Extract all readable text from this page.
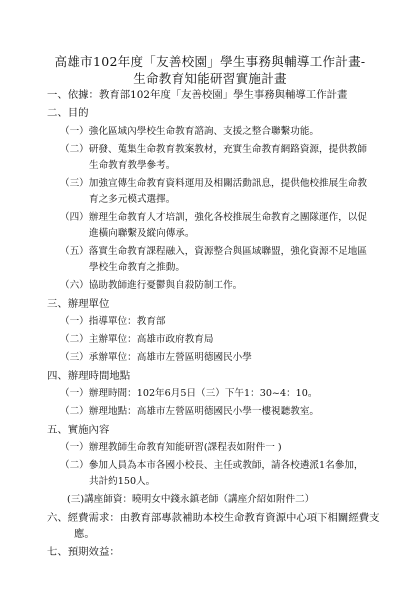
高雄市102年度「友善校園」學生事務與輔導工作計畫-
生命教育知能研習實施計畫
一、依據：教育部102年度「友善校園」學生事務與輔導工作計畫
二、目的
（一）強化區域內學校生命教育諮詢、支援之整合聯繫功能。
（二）研發、蒐集生命教育教案教材，充實生命教育網路資源，提供教師
生命教育教學參考。
（三）加強宣傳生命教育資料運用及相關活動訊息，提供他校推展生命教
育之多元模式選擇。
（四）辦理生命教育人才培訓，強化各校推展生命教育之團隊運作，以促
進橫向聯繫及縱向傳承。
（五）落實生命教育課程融入，資源整合與區域聯盟，強化資源不足地區
學校生命教育之推動。
（六）協助教師進行憂鬱與自殺防制工作。
三、辦理單位
（一）指導單位：教育部
（二）主辦單位：高雄市政府教育局
（三）承辦單位：高雄市左營區明德國民小學
四、辦理時間地點
（一）辦理時間：102年6月5日（三）下午1：30~4：10。
（二）辦理地點：高雄市左營區明德國民小學一樓視聽教室。
五、實施內容
（一）辦理教師生命教育知能研習(課程表如附件一 )
（二）參加人員為本市各國小校長、主任或教師，請各校遴派1名參加，
共計約150人。
(三)講座師資：曉明女中錢永鎮老師（講座介紹如附件二）
六、經費需求：由教育部專款補助本校生命教育資源中心項下相關經費支
應。
七、預期效益：
